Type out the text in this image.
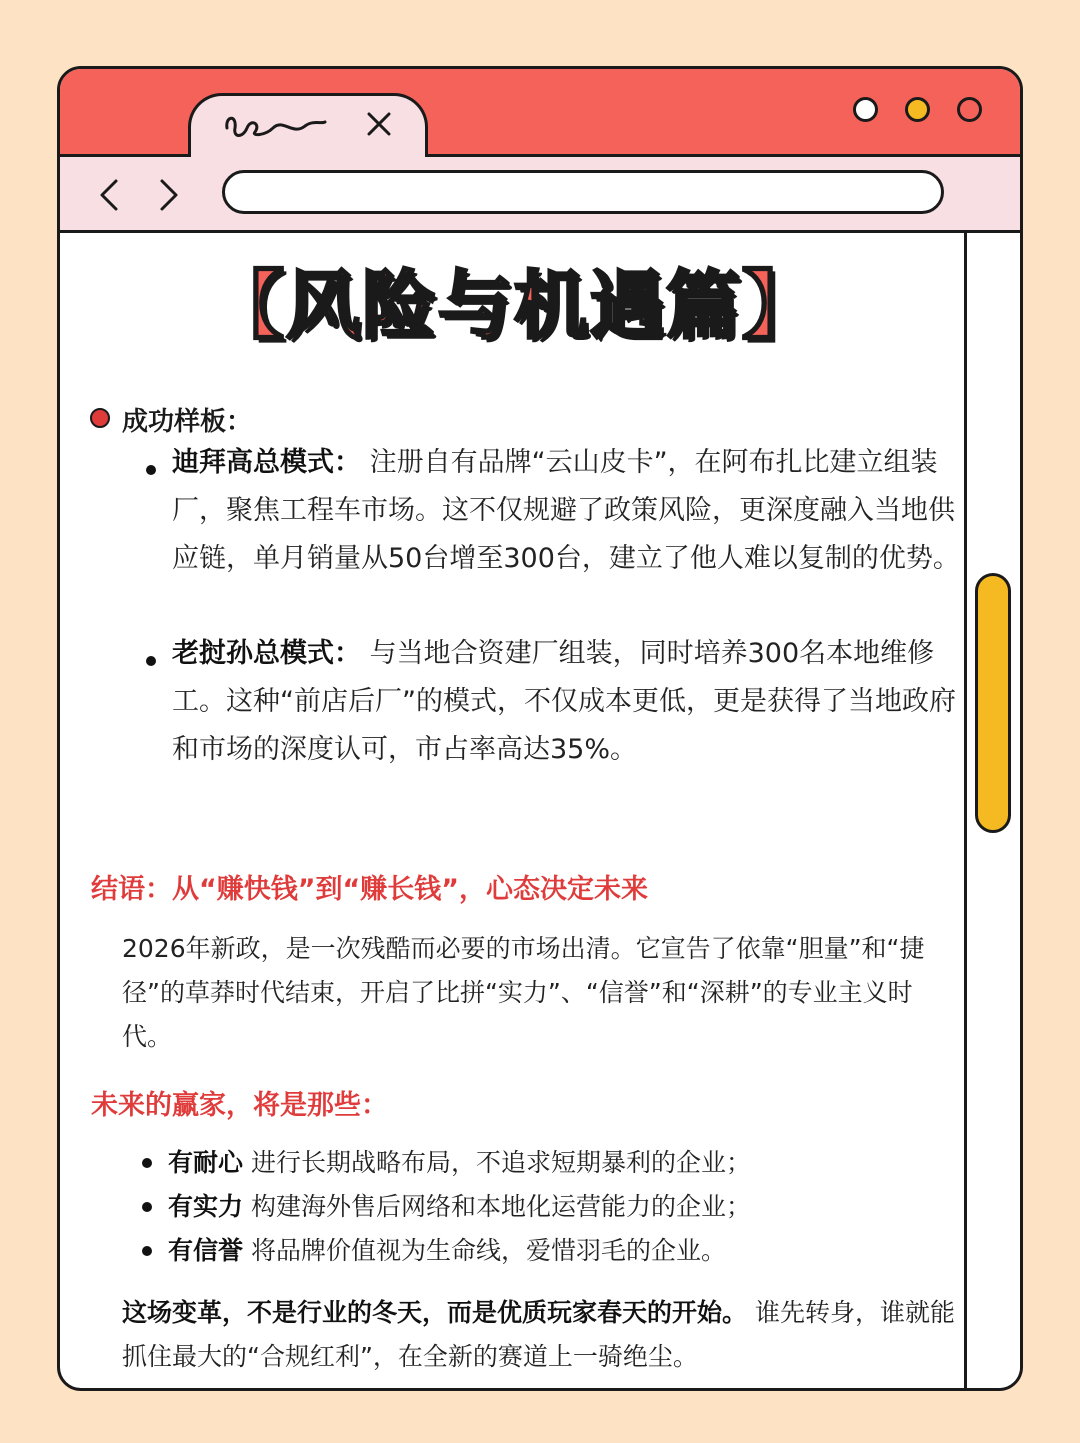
【风险与机遇篇】
成功样板：
迪拜高总模式： 注册自有品牌“云山皮卡”，在阿布扎比建立组装厂，聚焦工程车市场。这不仅规避了政策风险，更深度融入当地供应链，单月销量从50台增至300台，建立了他人难以复制的优势。
老挝孙总模式： 与当地合资建厂组装，同时培养300名本地维修工。这种“前店后厂”的模式，不仅成本更低，更是获得了当地政府和市场的深度认可，市占率高达35%。
结语：从“赚快钱”到“赚长钱”，心态决定未来
2026年新政，是一次残酷而必要的市场出清。它宣告了依靠“胆量”和“捷径”的草莽时代结束，开启了比拼“实力”、“信誉”和“深耕”的专业主义时代。
未来的赢家，将是那些：
有耐心 进行长期战略布局，不追求短期暴利的企业；
有实力 构建海外售后网络和本地化运营能力的企业；
有信誉 将品牌价值视为生命线，爱惜羽毛的企业。
这场变革，不是行业的冬天，而是优质玩家春天的开始。 谁先转身，谁就能抓住最大的“合规红利”，在全新的赛道上一骑绝尘。
